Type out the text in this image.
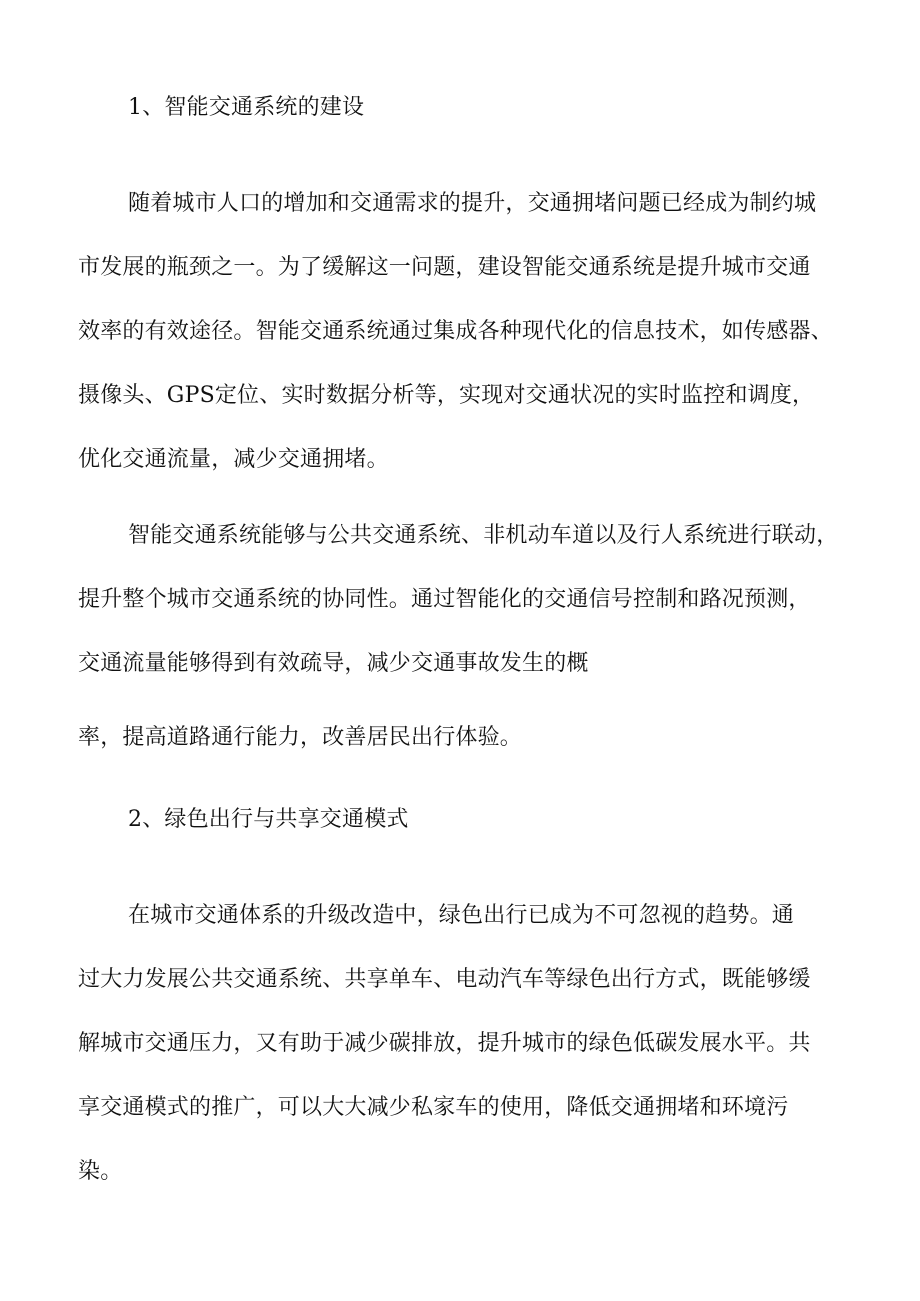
1、智能交通系统的建设
随着城市人口的增加和交通需求的提升，交通拥堵问题已经成为制约城
市发展的瓶颈之一。为了缓解这一问题，建设智能交通系统是提升城市交通
效率的有效途径。智能交通系统通过集成各种现代化的信息技术，如传感器、
摄像头、GPS定位、实时数据分析等，实现对交通状况的实时监控和调度，
优化交通流量，减少交通拥堵。
智能交通系统能够与公共交通系统、非机动车道以及行人系统进行联动，
提升整个城市交通系统的协同性。通过智能化的交通信号控制和路况预测，
交通流量能够得到有效疏导，减少交通事故发生的概
率，提高道路通行能力，改善居民出行体验。
2、绿色出行与共享交通模式
在城市交通体系的升级改造中，绿色出行已成为不可忽视的趋势。通
过大力发展公共交通系统、共享单车、电动汽车等绿色出行方式，既能够缓
解城市交通压力，又有助于减少碳排放，提升城市的绿色低碳发展水平。共
享交通模式的推广，可以大大减少私家车的使用，降低交通拥堵和环境污
染。
